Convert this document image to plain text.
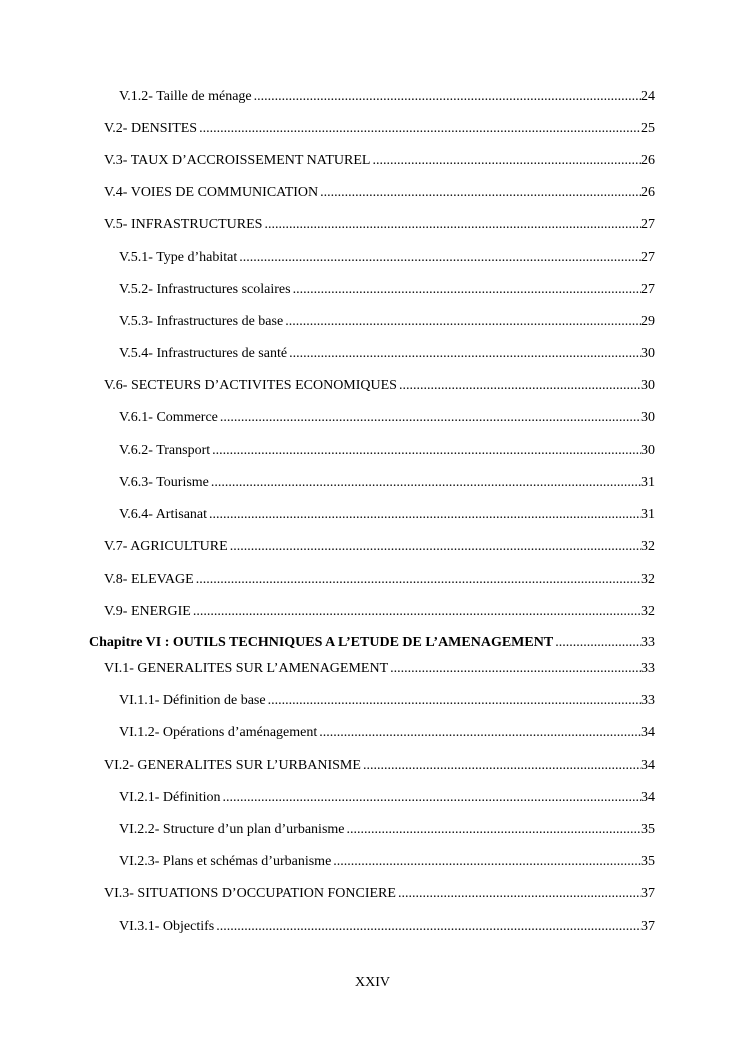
V.1.2- Taille de ménage .....	24
V.2- DENSITES .....	25
V.3- TAUX D’ACCROISSEMENT NATUREL .....	26
V.4- VOIES DE COMMUNICATION .....	26
V.5- INFRASTRUCTURES .....	27
V.5.1- Type d’habitat .....	27
V.5.2- Infrastructures scolaires .....	27
V.5.3- Infrastructures de base .....	29
V.5.4- Infrastructures de santé .....	30
V.6- SECTEURS D’ACTIVITES ECONOMIQUES .....	30
V.6.1- Commerce .....	30
V.6.2- Transport .....	30
V.6.3- Tourisme .....	31
V.6.4- Artisanat .....	31
V.7- AGRICULTURE .....	32
V.8- ELEVAGE .....	32
V.9- ENERGIE .....	32
Chapitre VI : OUTILS TECHNIQUES A L’ETUDE DE L’AMENAGEMENT .....	33
VI.1- GENERALITES SUR L’AMENAGEMENT .....	33
VI.1.1- Définition de base .....	33
VI.1.2- Opérations d’aménagement .....	34
VI.2- GENERALITES SUR L’URBANISME .....	34
VI.2.1- Définition .....	34
VI.2.2- Structure d’un plan d’urbanisme .....	35
VI.2.3- Plans et schémas d’urbanisme .....	35
VI.3- SITUATIONS D’OCCUPATION FONCIERE .....	37
VI.3.1- Objectifs .....	37
XXIV
